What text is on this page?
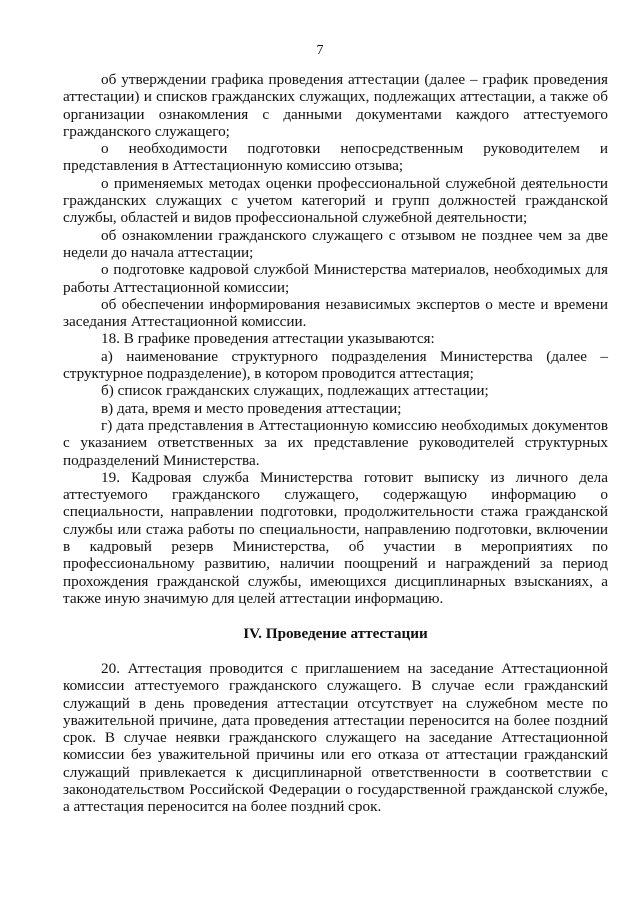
7

об утверждении графика проведения аттестации (далее – график проведения аттестации) и списков гражданских служащих, подлежащих аттестации, а также об организации ознакомления с данными документами каждого аттестуемого гражданского служащего;

о необходимости подготовки непосредственным руководителем и представления в Аттестационную комиссию отзыва;

о применяемых методах оценки профессиональной служебной деятельности гражданских служащих с учетом категорий и групп должностей гражданской службы, областей и видов профессиональной служебной деятельности;

об ознакомлении гражданского служащего с отзывом не позднее чем за две недели до начала аттестации;

о подготовке кадровой службой Министерства материалов, необходимых для работы Аттестационной комиссии;

об обеспечении информирования независимых экспертов о месте и времени заседания Аттестационной комиссии.

18. В графике проведения аттестации указываются:

а) наименование структурного подразделения Министерства (далее – структурное подразделение), в котором проводится аттестация;

б) список гражданских служащих, подлежащих аттестации;

в) дата, время и место проведения аттестации;

г) дата представления в Аттестационную комиссию необходимых документов с указанием ответственных за их представление руководителей структурных подразделений Министерства.

19. Кадровая служба Министерства готовит выписку из личного дела аттестуемого гражданского служащего, содержащую информацию о специальности, направлении подготовки, продолжительности стажа гражданской службы или стажа работы по специальности, направлению подготовки, включении в кадровый резерв Министерства, об участии в мероприятиях по профессиональному развитию, наличии поощрений и награждений за период прохождения гражданской службы, имеющихся дисциплинарных взысканиях, а также иную значимую для целей аттестации информацию.

IV. Проведение аттестации

20. Аттестация проводится с приглашением на заседание Аттестационной комиссии аттестуемого гражданского служащего. В случае если гражданский служащий в день проведения аттестации отсутствует на служебном месте по уважительной причине, дата проведения аттестации переносится на более поздний срок. В случае неявки гражданского служащего на заседание Аттестационной комиссии без уважительной причины или его отказа от аттестации гражданский служащий привлекается к дисциплинарной ответственности в соответствии с законодательством Российской Федерации о государственной гражданской службе, а аттестация переносится на более поздний срок.
